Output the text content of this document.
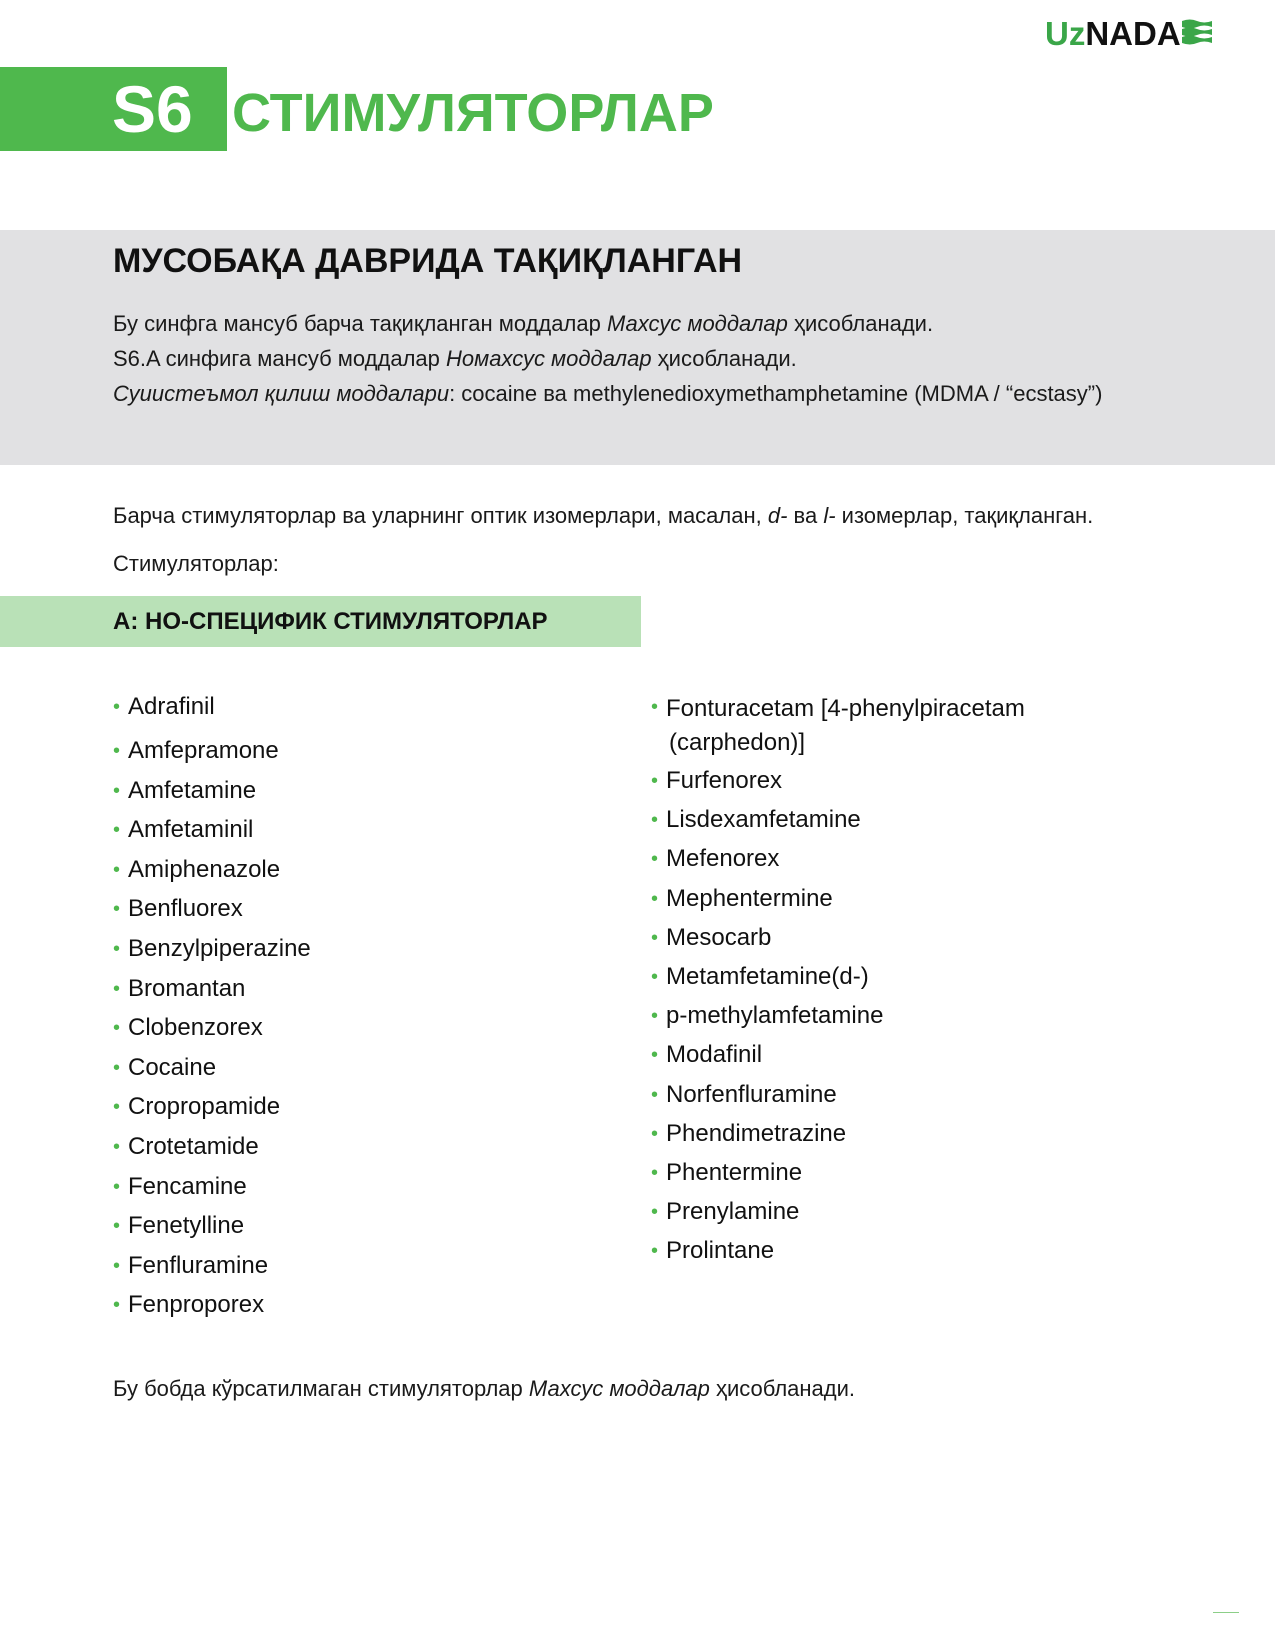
UzNADA
S6 СТИМУЛЯТОРЛАР
МУСОБАҚА ДАВРИДА ТАҚИҚЛАНГАН

Бу синфга мансуб барча тақиқланган моддалар Махсус моддалар ҳисобланади.

S6.A синфига мансуб моддалар Номахсус моддалар ҳисобланади.

Суиистеъмол қилиш моддалари: cocaine ва methylenedioxymethamphetamine (MDMA / “ecstasy”)

Барча стимуляторлар ва уларнинг оптик изомерлари, масалан, d- ва l- изомерлар, тақиқланган.
Стимуляторлар:
A: НО-СПЕЦИФИК СТИМУЛЯТОРЛАР
• Adrafinil
• Amfepramone
• Amfetamine
• Amfetaminil
• Amiphenazole
• Benfluorex
• Benzylpiperazine
• Bromantan
• Clobenzorex
• Cocaine
• Cropropamide
• Crotetamide
• Fencamine
• Fenetylline
• Fenfluramine
• Fenproporex
• Fonturacetam [4-phenylpiracetam (carphedon)]
• Furfenorex
• Lisdexamfetamine
• Mefenorex
• Mephentermine
• Mesocarb
• Metamfetamine(d-)
• p-methylamfetamine
• Modafinil
• Norfenfluramine
• Phendimetrazine
• Phentermine
• Prenylamine
• Prolintane
Бу бобда кўрсатилмаган стимуляторлар Махсус моддалар ҳисобланади.
